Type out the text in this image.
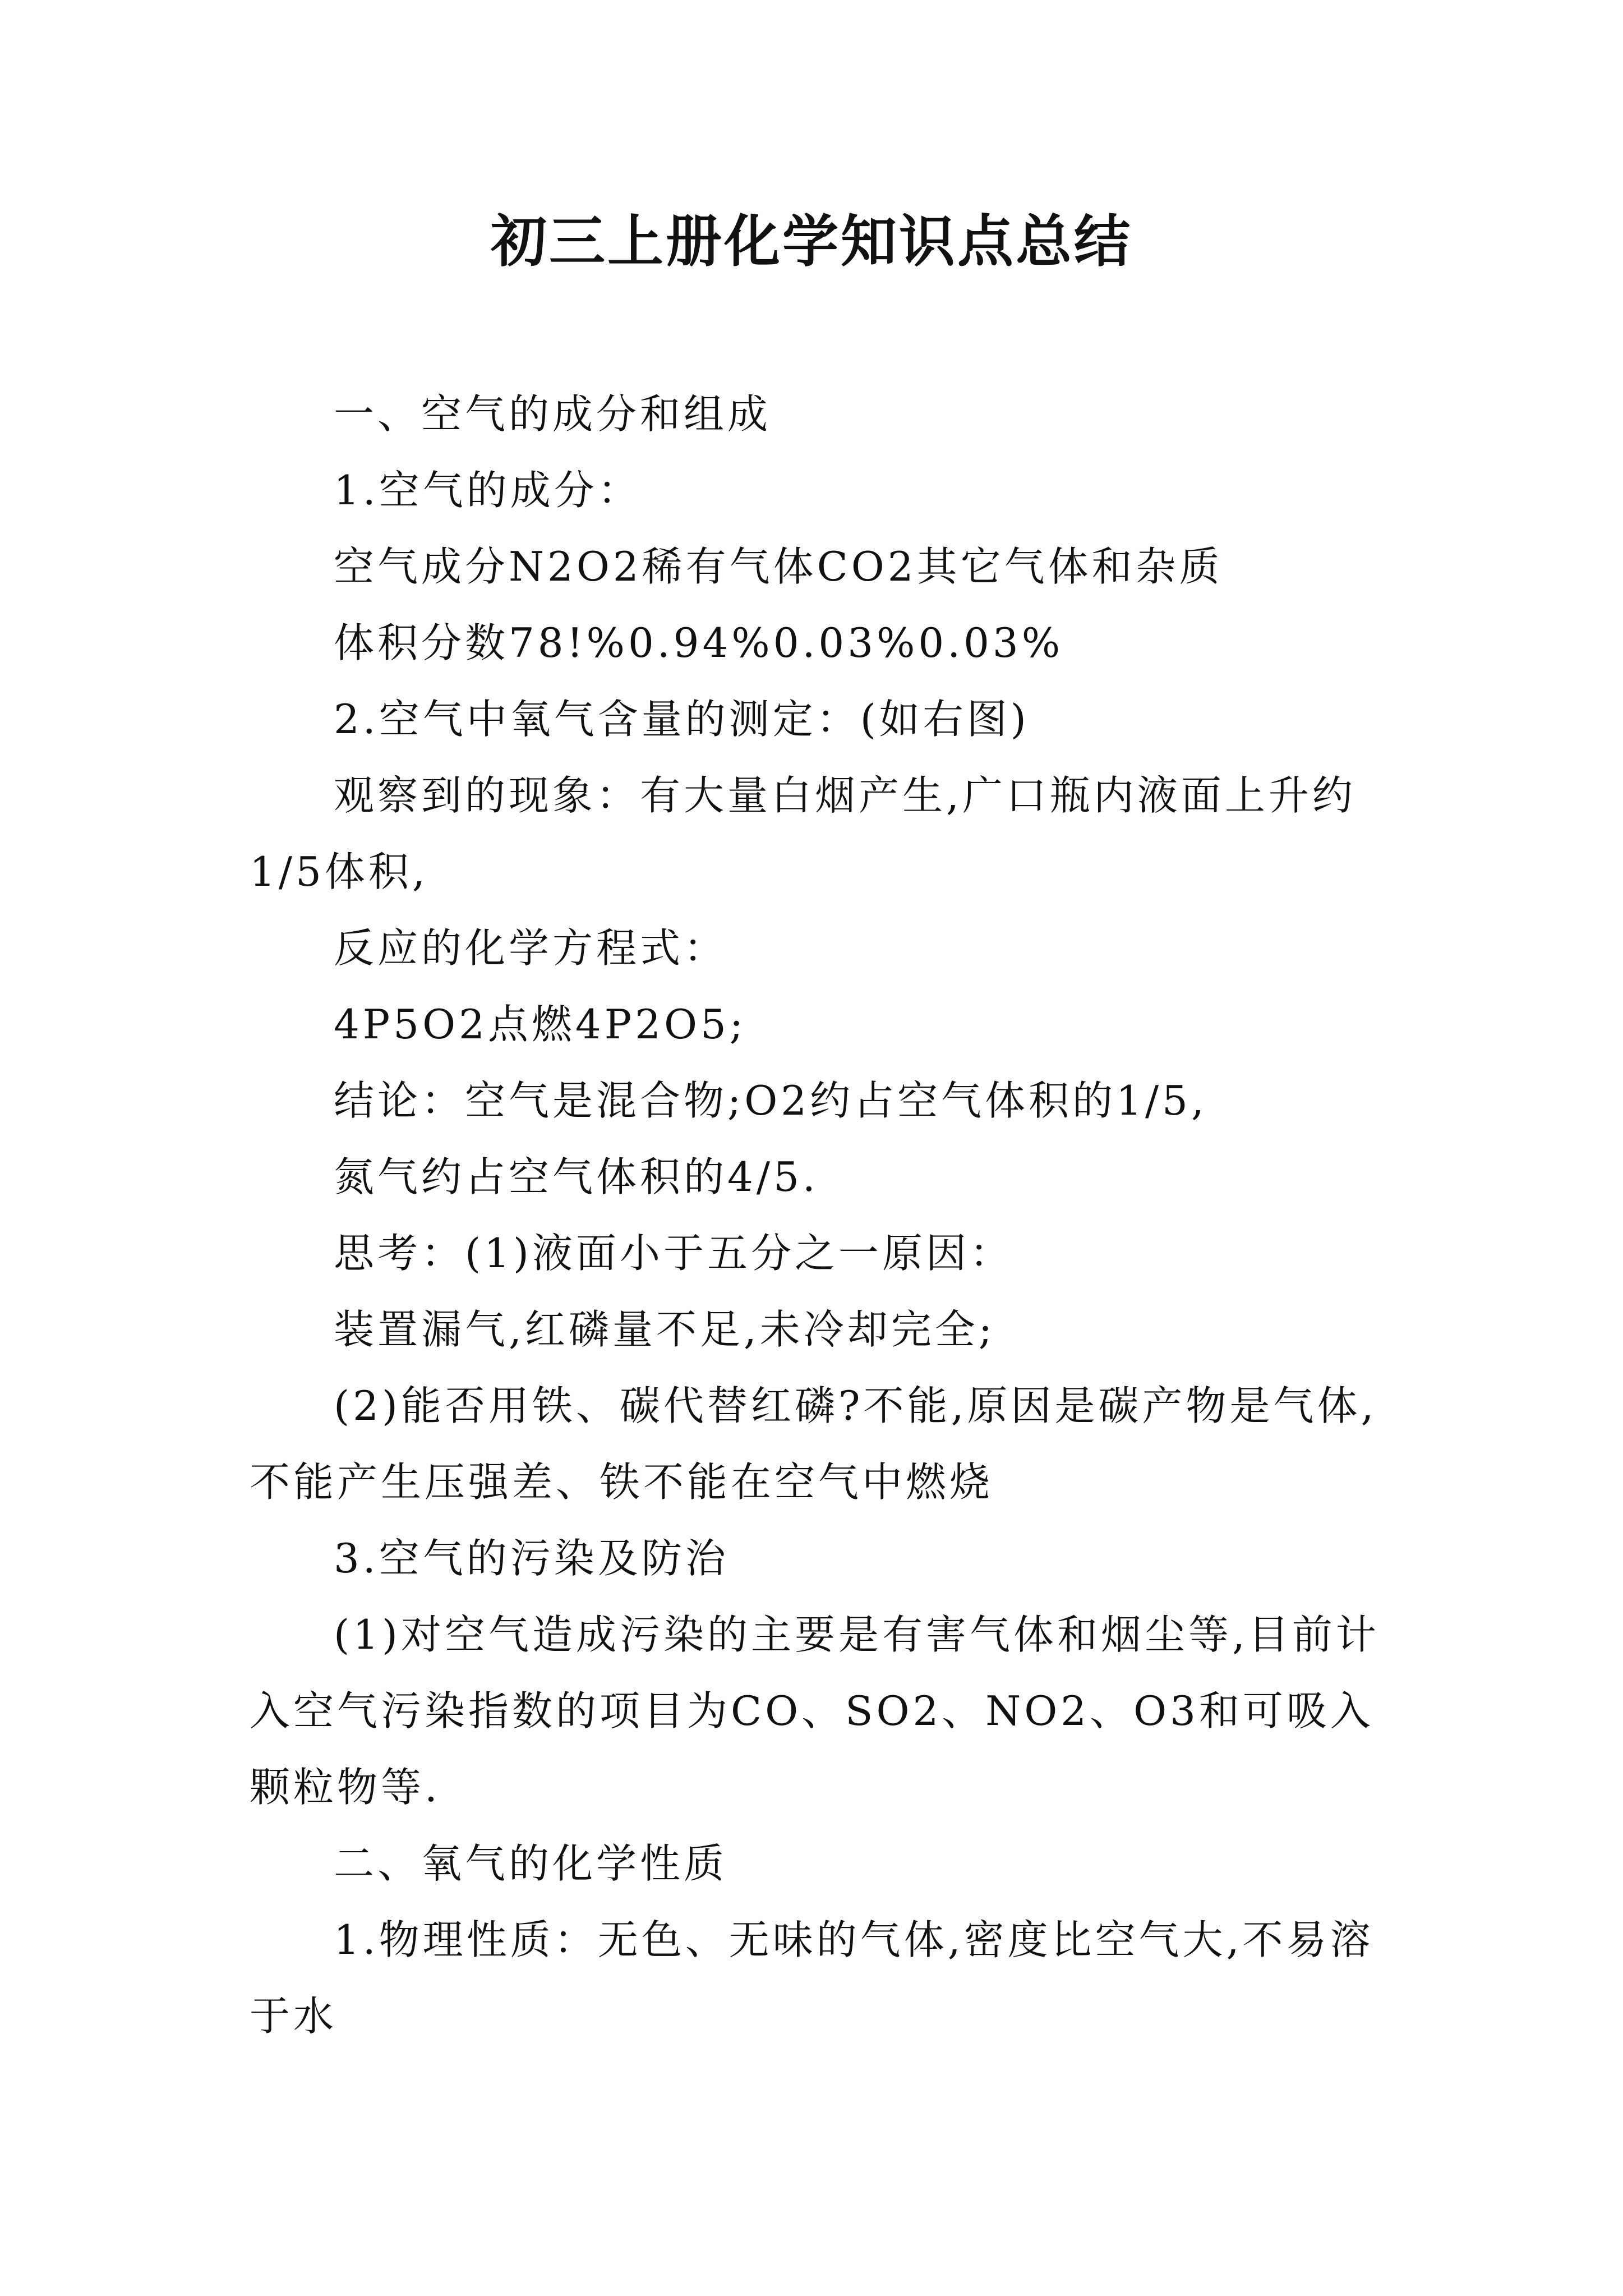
初三上册化学知识点总结

一、空气的成分和组成

1.空气的成分：

空气成分N2O2稀有气体CO2其它气体和杂质

体积分数78!%0.94%0.03%0.03%

2.空气中氧气含量的测定：(如右图)

观察到的现象：有大量白烟产生,广口瓶内液面上升约1/5体积,

反应的化学方程式：

4P5O2点燃4P2O5;

结论：空气是混合物;O2约占空气体积的1/5,

氮气约占空气体积的4/5.

思考：(1)液面小于五分之一原因：

装置漏气,红磷量不足,未冷却完全;

(2)能否用铁、碳代替红磷?不能,原因是碳产物是气体,不能产生压强差、铁不能在空气中燃烧

3.空气的污染及防治

(1)对空气造成污染的主要是有害气体和烟尘等,目前计入空气污染指数的项目为CO、SO2、NO2、O3和可吸入颗粒物等.

二、氧气的化学性质

1.物理性质：无色、无味的气体,密度比空气大,不易溶于水
